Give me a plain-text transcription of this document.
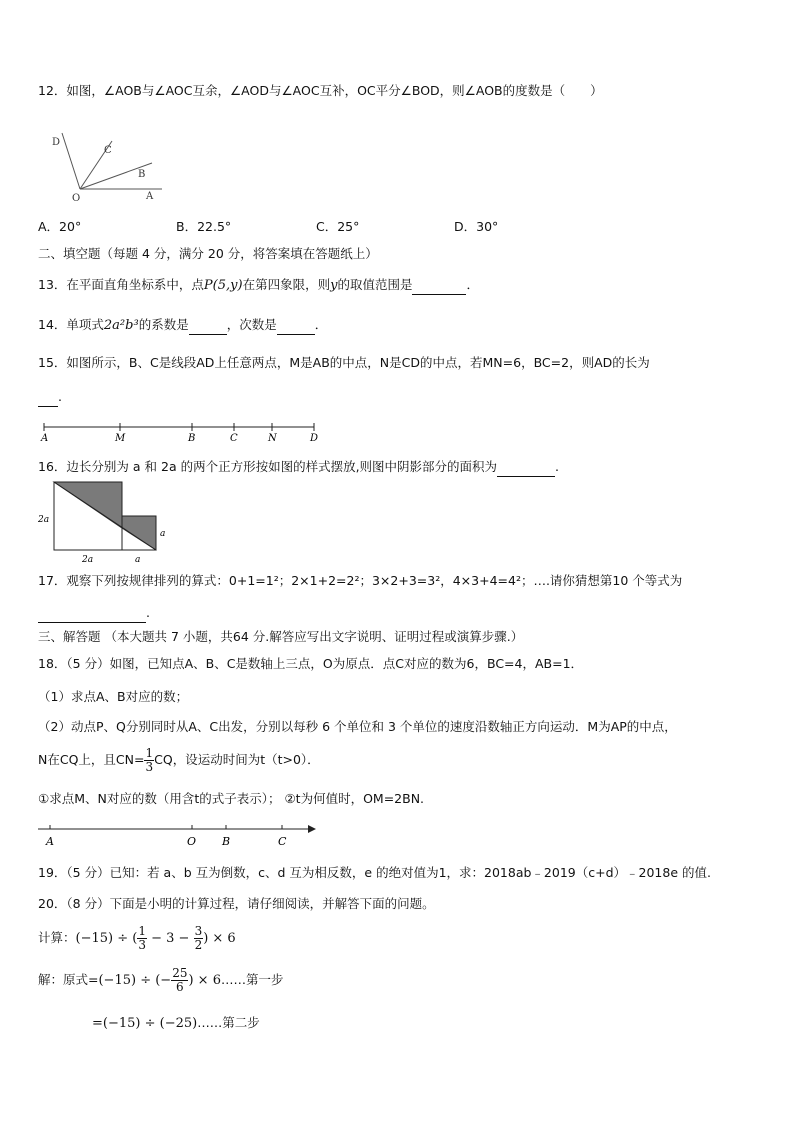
12．如图，∠AOB与∠AOC互余，∠AOD与∠AOC互补，OC平分∠BOD，则∠AOB的度数是（　　）
D
C
B
A
O
A．20°	B．22.5°	C．25°	D．30°
二、填空题（每题 4 分，满分 20 分，将答案填在答题纸上）
13．在平面直角坐标系中，点P(5,y)在第四象限，则y的取值范围是	．
14．单项式2a²b³的系数是	，次数是	．
15．如图所示，B、C是线段AD上任意两点，M是AB的中点，N是CD的中点，若MN=6，BC=2，则AD的长为
.
A	M	B	C	N	D
16．边长分别为 a 和 2a 的两个正方形按如图的样式摆放,则图中阴影部分的面积为	.
2a
2a
a
a
17．观察下列按规律排列的算式：0+1=1²；2×1+2=2²；3×2+3=3²，4×3+4=4²；….请你猜想第10 个等式为
.
三、解答题 （本大题共 7 小题，共64 分.解答应写出文字说明、证明过程或演算步骤.）
18．（5 分）如图，已知点A、B、C是数轴上三点，O为原点．点C对应的数为6，BC=4，AB=1．
（1）求点A、B对应的数；
（2）动点P、Q分别同时从A、C出发，分别以每秒 6 个单位和 3 个单位的速度沿数轴正方向运动．M为AP的中点，
N在CQ上，且$CN= \frac{1}{3}$ CQ，设运动时间为t（t>0）．
①求点M、N对应的数（用含t的式子表示）； ②t为何值时，OM=2BN.
A	O B	C
19．（5 分）已知：若 a、b 互为倒数，c、d 互为相反数，e 的绝对值为1，求：2018ab﹣2019（c+d）﹣2018e 的值.
20．（8 分）下面是小明的计算过程，请仔细阅读，并解答下面的问题。
计算：(−15) ÷ ( $\frac{1}{3} - 3 - \frac{3}{2}$ ) × 6
解：原式=(−15) ÷ (− $\frac{25}{6}$ ) × 6……第一步
=(−15) ÷ (−25)……第二步
